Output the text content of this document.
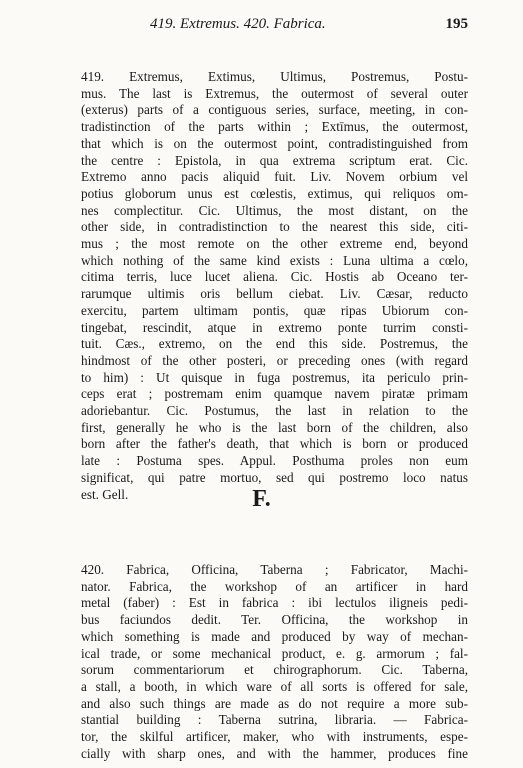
419. Extremus. 420. Fabrica.	195

419. Extremus, Extimus, Ultimus, Postremus, Postu-

mus. The last is Extremus, the outermost of several outer

(exterus) parts of a contiguous series, surface, meeting, in con-

tradistinction of the parts within ; Extīmus, the outermost,

that which is on the outermost point, contradistinguished from

the centre : Epistola, in qua extrema scriptum erat. Cic.

Extremo anno pacis aliquid fuit. Liv. Novem orbium vel

potius globorum unus est cœlestis, extimus, qui reliquos om-

nes complectitur. Cic. Ultimus, the most distant, on the

other side, in contradistinction to the nearest this side, citi-

mus ; the most remote on the other extreme end, beyond

which nothing of the same kind exists : Luna ultima a cœlo,

citima terris, luce lucet aliena. Cic. Hostis ab Oceano ter-

rarumque ultimis oris bellum ciebat. Liv. Cæsar, reducto

exercitu, partem ultimam pontis, quæ ripas Ubiorum con-

tingebat, rescindit, atque in extremo ponte turrim consti-

tuit. Cæs., extremo, on the end this side. Postremus, the

hindmost of the other posteri, or preceding ones (with regard

to him) : Ut quisque in fuga postremus, ita periculo prin-

ceps erat ; postremam enim quamque navem piratæ primam

adoriebantur. Cic. Postumus, the last in relation to the

first, generally he who is the last born of the children, also

born after the father's death, that which is born or produced

late : Postuma spes. Appul. Posthuma proles non eum

significat, qui patre mortuo, sed qui postremo loco natus

est. Gell.	F.

420. Fabrica, Officina, Taberna ; Fabricator, Machi-

nator. Fabrica, the workshop of an artificer in hard

metal (faber) : Est in fabrica : ibi lectulos iligneis pedi-

bus faciundos dedit. Ter. Officina, the workshop in

which something is made and produced by way of mechan-

ical trade, or some mechanical product, e. g. armorum ; fal-

sorum commentariorum et chirographorum. Cic. Taberna,

a stall, a booth, in which ware of all sorts is offered for sale,

and also such things are made as do not require a more sub-

stantial building : Taberna sutrina, libraria. — Fabrica-

tor, the skilful artificer, maker, who with instruments, espe-

cially with sharp ones, and with the hammer, produces fine
